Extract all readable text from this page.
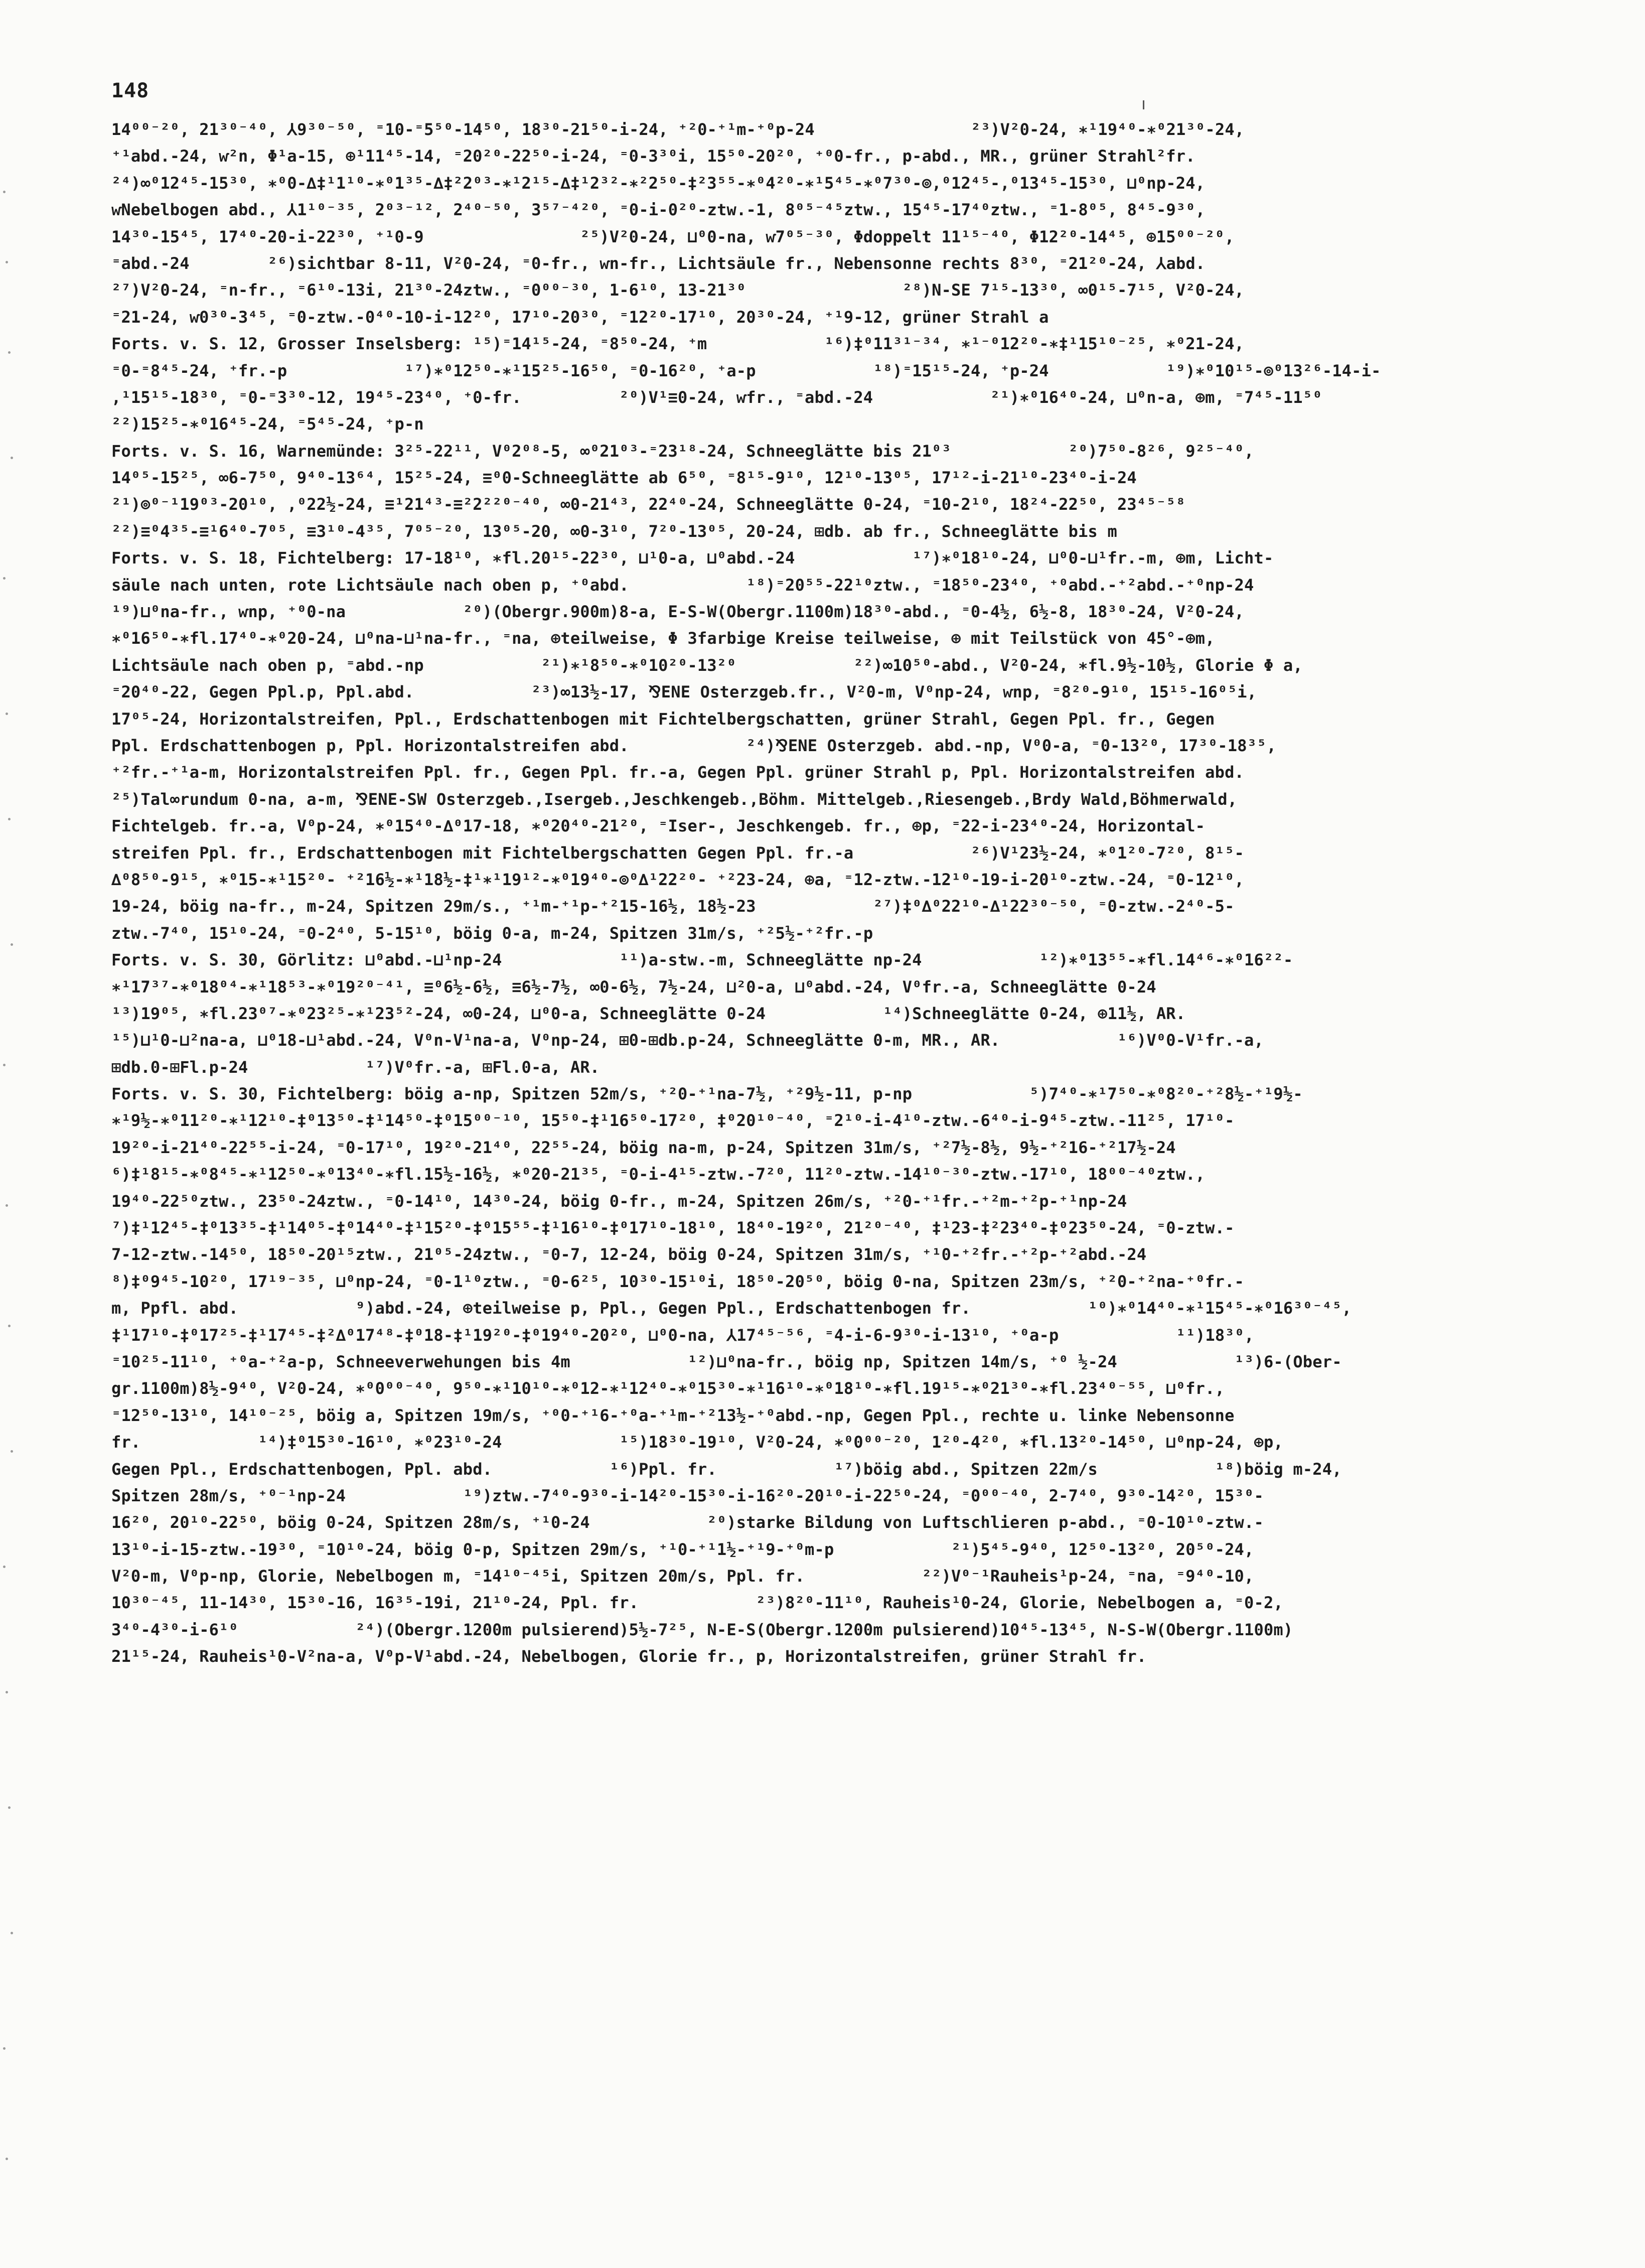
148
14⁰⁰⁻²⁰, 21³⁰⁻⁴⁰, ⅄9³⁰⁻⁵⁰, ⁼10-⁼5⁵⁰-14⁵⁰, 18³⁰-21⁵⁰-i-24, ⁺²0-⁺¹m-⁺⁰p-24                ²³)V²0-24, ∗¹19⁴⁰-∗⁰21³⁰-24,
⁺¹abd.-24, ⱳ²n, Φ¹a-15, ⊕¹11⁴⁵-14, ⁼20²⁰-22⁵⁰-i-24, ⁼0-3³⁰i, 15⁵⁰-20²⁰, ⁺⁰0-fr., p-abd., MR., grüner Strahl²fr.
²⁴)∞⁰12⁴⁵-15³⁰, ∗⁰0-∆‡¹1¹⁰-∗⁰1³⁵-∆‡²2⁰³-∗¹2¹⁵-∆‡¹2³²-∗²2⁵⁰-‡²3⁵⁵-∗⁰4²⁰-∗¹5⁴⁵-∗⁰7³⁰-⊚,⁰12⁴⁵-,⁰13⁴⁵-15³⁰, ⊔⁰np-24,
ⱳNebelbogen abd., ⅄1¹⁰⁻³⁵, 2⁰³⁻¹², 2⁴⁰⁻⁵⁰, 3⁵⁷⁻⁴²⁰, ⁼0-i-0²⁰-ztw.-1, 8⁰⁵⁻⁴⁵ztw., 15⁴⁵-17⁴⁰ztw., ⁼1-8⁰⁵, 8⁴⁵-9³⁰,
14³⁰-15⁴⁵, 17⁴⁰-20-i-22³⁰, ⁺¹0-9                ²⁵)V²0-24, ⊔⁰0-na, ⱳ7⁰⁵⁻³⁰, Φdoppelt 11¹⁵⁻⁴⁰, Φ12²⁰-14⁴⁵, ⊕15⁰⁰⁻²⁰,
⁼abd.-24        ²⁶)sichtbar 8-11, V²0-24, ⁼0-fr., ⱳn-fr., Lichtsäule fr., Nebensonne rechts 8³⁰, ⁼21²⁰-24, ⅄abd.
²⁷)V²0-24, ⁼n-fr., ⁼6¹⁰-13i, 21³⁰-24ztw., ⁼0⁰⁰⁻³⁰, 1-6¹⁰, 13-21³⁰                ²⁸)N-SE 7¹⁵-13³⁰, ∞0¹⁵-7¹⁵, V²0-24,
⁼21-24, ⱳ0³⁰-3⁴⁵, ⁼0-ztw.-0⁴⁰-10-i-12²⁰, 17¹⁰-20³⁰, ⁼12²⁰-17¹⁰, 20³⁰-24, ⁺¹9-12, grüner Strahl a
Forts. v. S. 12, Grosser Inselsberg: ¹⁵)⁼14¹⁵-24, ⁼8⁵⁰-24, ⁺m            ¹⁶)‡⁰11³¹⁻³⁴, ∗¹⁻⁰12²⁰-∗‡¹15¹⁰⁻²⁵, ∗⁰21-24,
⁼0-⁼8⁴⁵-24, ⁺fr.-p            ¹⁷)∗⁰12⁵⁰-∗¹15²⁵-16⁵⁰, ⁼0-16²⁰, ⁺a-p            ¹⁸)⁼15¹⁵-24, ⁺p-24            ¹⁹)∗⁰10¹⁵-⊚⁰13²⁶-14-i-
,¹15¹⁵-18³⁰, ⁼0-⁼3³⁰-12, 19⁴⁵-23⁴⁰, ⁺0-fr.          ²⁰)V¹≡0-24, ⱳfr., ⁼abd.-24            ²¹)∗⁰16⁴⁰-24, ⊔⁰n-a, ⊕m, ⁼7⁴⁵-11⁵⁰
²²)15²⁵-∗⁰16⁴⁵-24, ⁼5⁴⁵-24, ⁺p-n
Forts. v. S. 16, Warnemünde: 3²⁵-22¹¹, V⁰2⁰⁸-5, ∞⁰21⁰³-⁼23¹⁸-24, Schneeglätte bis 21⁰³            ²⁰)7⁵⁰-8²⁶, 9²⁵⁻⁴⁰,
14⁰⁵-15²⁵, ∞6-7⁵⁰, 9⁴⁰-13⁶⁴, 15²⁵-24, ≡⁰0-Schneeglätte ab 6⁵⁰, ⁼8¹⁵-9¹⁰, 12¹⁰-13⁰⁵, 17¹²-i-21¹⁰-23⁴⁰-i-24
²¹)⊚⁰⁻¹19⁰³-20¹⁰, ,⁰22½-24, ≡¹21⁴³-≡²2²²⁰⁻⁴⁰, ∞0-21⁴³, 22⁴⁰-24, Schneeglätte 0-24, ⁼10-2¹⁰, 18²⁴-22⁵⁰, 23⁴⁵⁻⁵⁸
²²)≡⁰4³⁵-≡¹6⁴⁰-7⁰⁵, ≡3¹⁰-4³⁵, 7⁰⁵⁻²⁰, 13⁰⁵-20, ∞0-3¹⁰, 7²⁰-13⁰⁵, 20-24, ⊞db. ab fr., Schneeglätte bis m
Forts. v. S. 18, Fichtelberg: 17-18¹⁰, ∗fl.20¹⁵-22³⁰, ⊔¹0-a, ⊔⁰abd.-24            ¹⁷)∗⁰18¹⁰-24, ⊔⁰0-⊔¹fr.-m, ⊕m, Licht-
säule nach unten, rote Lichtsäule nach oben p, ⁺⁰abd.            ¹⁸)⁼20⁵⁵-22¹⁰ztw., ⁼18⁵⁰-23⁴⁰, ⁺⁰abd.-⁺²abd.-⁺⁰np-24
¹⁹)⊔⁰na-fr., ⱳnp, ⁺⁰0-na            ²⁰)(Obergr.900m)8-a, E-S-W(Obergr.1100m)18³⁰-abd., ⁼0-4½, 6½-8, 18³⁰-24, V²0-24,
∗⁰16⁵⁰-∗fl.17⁴⁰-∗⁰20-24, ⊔⁰na-⊔¹na-fr., ⁼na, ⊕teilweise, Φ 3farbige Kreise teilweise, ⊕ mit Teilstück von 45°-⊕m,
Lichtsäule nach oben p, ⁼abd.-np            ²¹)∗¹8⁵⁰-∗⁰10²⁰-13²⁰            ²²)∞10⁵⁰-abd., V²0-24, ∗fl.9½-10½, Glorie Φ a,
⁼20⁴⁰-22, Gegen Ppl.p, Ppl.abd.            ²³)∞13½-17, ⅋ENE Osterzgeb.fr., V²0-m, V⁰np-24, ⱳnp, ⁼8²⁰-9¹⁰, 15¹⁵-16⁰⁵i,
17⁰⁵-24, Horizontalstreifen, Ppl., Erdschattenbogen mit Fichtelbergschatten, grüner Strahl, Gegen Ppl. fr., Gegen
Ppl. Erdschattenbogen p, Ppl. Horizontalstreifen abd.            ²⁴)⅋ENE Osterzgeb. abd.-np, V⁰0-a, ⁼0-13²⁰, 17³⁰-18³⁵,
⁺²fr.-⁺¹a-m, Horizontalstreifen Ppl. fr., Gegen Ppl. fr.-a, Gegen Ppl. grüner Strahl p, Ppl. Horizontalstreifen abd.
²⁵)Tal∞rundum 0-na, a-m, ⅋ENE-SW Osterzgeb.,Isergeb.,Jeschkengeb.,Böhm. Mittelgeb.,Riesengeb.,Brdy Wald,Böhmerwald,
Fichtelgeb. fr.-a, V⁰p-24, ∗⁰15⁴⁰-∆⁰17-18, ∗⁰20⁴⁰-21²⁰, ⁼Iser-, Jeschkengeb. fr., ⊕p, ⁼22-i-23⁴⁰-24, Horizontal-
streifen Ppl. fr., Erdschattenbogen mit Fichtelbergschatten Gegen Ppl. fr.-a            ²⁶)V¹23½-24, ∗⁰1²⁰-7²⁰, 8¹⁵-
∆⁰8⁵⁰-9¹⁵, ∗⁰15-∗¹15²⁰- ⁺²16½-∗¹18½-‡¹∗¹19¹²-∗⁰19⁴⁰-⊚⁰∆¹22²⁰- ⁺²23-24, ⊕a, ⁼12-ztw.-12¹⁰-19-i-20¹⁰-ztw.-24, ⁼0-12¹⁰,
19-24, böig na-fr., m-24, Spitzen 29m/s., ⁺¹m-⁺¹p-⁺²15-16½, 18½-23            ²⁷)‡⁰∆⁰22¹⁰-∆¹22³⁰⁻⁵⁰, ⁼0-ztw.-2⁴⁰-5-
ztw.-7⁴⁰, 15¹⁰-24, ⁼0-2⁴⁰, 5-15¹⁰, böig 0-a, m-24, Spitzen 31m/s, ⁺²5½-⁺²fr.-p
Forts. v. S. 30, Görlitz: ⊔⁰abd.-⊔¹np-24            ¹¹)a-stw.-m, Schneeglätte np-24            ¹²)∗⁰13⁵⁵-∗fl.14⁴⁶-∗⁰16²²-
∗¹17³⁷-∗⁰18⁰⁴-∗¹18⁵³-∗⁰19²⁰⁻⁴¹, ≡⁰6½-6½, ≡6½-7½, ∞0-6½, 7½-24, ⊔²0-a, ⊔⁰abd.-24, V⁰fr.-a, Schneeglätte 0-24
¹³)19⁰⁵, ∗fl.23⁰⁷-∗⁰23²⁵-∗¹23⁵²-24, ∞0-24, ⊔⁰0-a, Schneeglätte 0-24            ¹⁴)Schneeglätte 0-24, ⊕11½, AR.
¹⁵)⊔¹0-⊔²na-a, ⊔⁰18-⊔¹abd.-24, V⁰n-V¹na-a, V⁰np-24, ⊞0-⊞db.p-24, Schneeglätte 0-m, MR., AR.            ¹⁶)V⁰0-V¹fr.-a,
⊞db.0-⊞Fl.p-24            ¹⁷)V⁰fr.-a, ⊞Fl.0-a, AR.
Forts. v. S. 30, Fichtelberg: böig a-np, Spitzen 52m/s, ⁺²0-⁺¹na-7½, ⁺²9½-11, p-np            ⁵)7⁴⁰-∗¹7⁵⁰-∗⁰8²⁰-⁺²8½-⁺¹9½-
∗¹9½-∗⁰11²⁰-∗¹12¹⁰-‡⁰13⁵⁰-‡¹14⁵⁰-‡⁰15⁰⁰⁻¹⁰, 15⁵⁰-‡¹16⁵⁰-17²⁰, ‡⁰20¹⁰⁻⁴⁰, ⁼2¹⁰-i-4¹⁰-ztw.-6⁴⁰-i-9⁴⁵-ztw.-11²⁵, 17¹⁰-
19²⁰-i-21⁴⁰-22⁵⁵-i-24, ⁼0-17¹⁰, 19²⁰-21⁴⁰, 22⁵⁵-24, böig na-m, p-24, Spitzen 31m/s, ⁺²7½-8½, 9½-⁺²16-⁺²17½-24
⁶)‡¹8¹⁵-∗⁰8⁴⁵-∗¹12⁵⁰-∗⁰13⁴⁰-∗fl.15½-16½, ∗⁰20-21³⁵, ⁼0-i-4¹⁵-ztw.-7²⁰, 11²⁰-ztw.-14¹⁰⁻³⁰-ztw.-17¹⁰, 18⁰⁰⁻⁴⁰ztw.,
19⁴⁰-22⁵⁰ztw., 23⁵⁰-24ztw., ⁼0-14¹⁰, 14³⁰-24, böig 0-fr., m-24, Spitzen 26m/s, ⁺²0-⁺¹fr.-⁺²m-⁺²p-⁺¹np-24
⁷)‡¹12⁴⁵-‡⁰13³⁵-‡¹14⁰⁵-‡⁰14⁴⁰-‡¹15²⁰-‡⁰15⁵⁵-‡¹16¹⁰-‡⁰17¹⁰-18¹⁰, 18⁴⁰-19²⁰, 21²⁰⁻⁴⁰, ‡¹23-‡²23⁴⁰-‡⁰23⁵⁰-24, ⁼0-ztw.-
7-12-ztw.-14⁵⁰, 18⁵⁰-20¹⁵ztw., 21⁰⁵-24ztw., ⁼0-7, 12-24, böig 0-24, Spitzen 31m/s, ⁺¹0-⁺²fr.-⁺²p-⁺²abd.-24
⁸)‡⁰9⁴⁵-10²⁰, 17¹⁹⁻³⁵, ⊔⁰np-24, ⁼0-1¹⁰ztw., ⁼0-6²⁵, 10³⁰-15¹⁰i, 18⁵⁰-20⁵⁰, böig 0-na, Spitzen 23m/s, ⁺²0-⁺²na-⁺⁰fr.-
m, Ppfl. abd.            ⁹)abd.-24, ⊕teilweise p, Ppl., Gegen Ppl., Erdschattenbogen fr.            ¹⁰)∗⁰14⁴⁰-∗¹15⁴⁵-∗⁰16³⁰⁻⁴⁵,
‡¹17¹⁰-‡⁰17²⁵-‡¹17⁴⁵-‡²∆⁰17⁴⁸-‡⁰18-‡¹19²⁰-‡⁰19⁴⁰-20²⁰, ⊔⁰0-na, ⅄17⁴⁵⁻⁵⁶, ⁼4-i-6-9³⁰-i-13¹⁰, ⁺⁰a-p            ¹¹)18³⁰,
⁼10²⁵-11¹⁰, ⁺⁰a-⁺²a-p, Schneeverwehungen bis 4m            ¹²)⊔⁰na-fr., böig np, Spitzen 14m/s, ⁺⁰ ½-24            ¹³)6-(Ober-
gr.1100m)8½-9⁴⁰, V²0-24, ∗⁰0⁰⁰⁻⁴⁰, 9⁵⁰-∗¹10¹⁰-∗⁰12-∗¹12⁴⁰-∗⁰15³⁰-∗¹16¹⁰-∗⁰18¹⁰-∗fl.19¹⁵-∗⁰21³⁰-∗fl.23⁴⁰⁻⁵⁵, ⊔⁰fr.,
⁼12⁵⁰-13¹⁰, 14¹⁰⁻²⁵, böig a, Spitzen 19m/s, ⁺⁰0-⁺¹6-⁺⁰a-⁺¹m-⁺²13½-⁺⁰abd.-np, Gegen Ppl., rechte u. linke Nebensonne
fr.            ¹⁴)‡⁰15³⁰-16¹⁰, ∗⁰23¹⁰-24            ¹⁵)18³⁰-19¹⁰, V²0-24, ∗⁰0⁰⁰⁻²⁰, 1²⁰-4²⁰, ∗fl.13²⁰-14⁵⁰, ⊔⁰np-24, ⊕p,
Gegen Ppl., Erdschattenbogen, Ppl. abd.            ¹⁶)Ppl. fr.            ¹⁷)böig abd., Spitzen 22m/s            ¹⁸)böig m-24,
Spitzen 28m/s, ⁺⁰⁻¹np-24            ¹⁹)ztw.-7⁴⁰-9³⁰-i-14²⁰-15³⁰-i-16²⁰-20¹⁰-i-22⁵⁰-24, ⁼0⁰⁰⁻⁴⁰, 2-7⁴⁰, 9³⁰-14²⁰, 15³⁰-
16²⁰, 20¹⁰-22⁵⁰, böig 0-24, Spitzen 28m/s, ⁺¹0-24            ²⁰)starke Bildung von Luftschlieren p-abd., ⁼0-10¹⁰-ztw.-
13¹⁰-i-15-ztw.-19³⁰, ⁼10¹⁰-24, böig 0-p, Spitzen 29m/s, ⁺¹0-⁺¹1½-⁺¹9-⁺⁰m-p            ²¹)5⁴⁵-9⁴⁰, 12⁵⁰-13²⁰, 20⁵⁰-24,
V²0-m, V⁰p-np, Glorie, Nebelbogen m, ⁼14¹⁰⁻⁴⁵i, Spitzen 20m/s, Ppl. fr.            ²²)V⁰⁻¹Rauheis¹p-24, ⁼na, ⁼9⁴⁰-10,
10³⁰⁻⁴⁵, 11-14³⁰, 15³⁰-16, 16³⁵-19i, 21¹⁰-24, Ppl. fr.            ²³)8²⁰-11¹⁰, Rauheis¹0-24, Glorie, Nebelbogen a, ⁼0-2,
3⁴⁰-4³⁰-i-6¹⁰            ²⁴)(Obergr.1200m pulsierend)5½-7²⁵, N-E-S(Obergr.1200m pulsierend)10⁴⁵-13⁴⁵, N-S-W(Obergr.1100m)
21¹⁵-24, Rauheis¹0-V²na-a, V⁰p-V¹abd.-24, Nebelbogen, Glorie fr., p, Horizontalstreifen, grüner Strahl fr.
